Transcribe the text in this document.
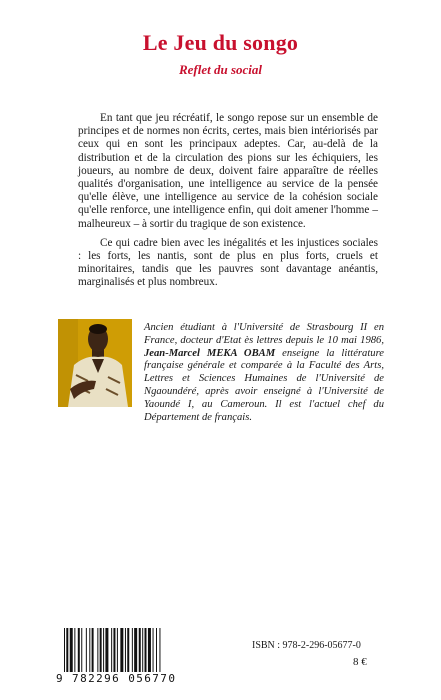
Le Jeu du songo
Reflet du social

En tant que jeu récréatif, le songo repose sur un ensemble de principes et de normes non écrits, certes, mais bien intériorisés par ceux qui en sont les principaux adeptes. Car, au-delà de la distribution et de la circulation des pions sur les échiquiers, les joueurs, au nombre de deux, doivent faire apparaître de réelles qualités d'organisation, une intelligence au service de la pensée qu'elle élève, une intelligence au service de la cohésion sociale qu'elle renforce, une intelligence enfin, qui doit amener l'homme – malheureux – à sortir du tragique de son existence.

Ce qui cadre bien avec les inégalités et les injustices sociales : les forts, les nantis, sont de plus en plus forts, cruels et minoritaires, tandis que les pauvres sont davantage anéantis, marginalisés et plus nombreux.

Ancien étudiant à l'Université de Strasbourg II en France, docteur d'Etat ès lettres depuis le 10 mai 1986, Jean-Marcel MEKA OBAM enseigne la littérature française générale et comparée à la Faculté des Arts, Lettres et Sciences Humaines de l'Université de Ngaoundéré, après avoir enseigné à l'Université de Yaoundé I, au Cameroun. Il est l'actuel chef du Département de français.
9 782296 056770
ISBN : 978-2-296-05677-0
8 €
